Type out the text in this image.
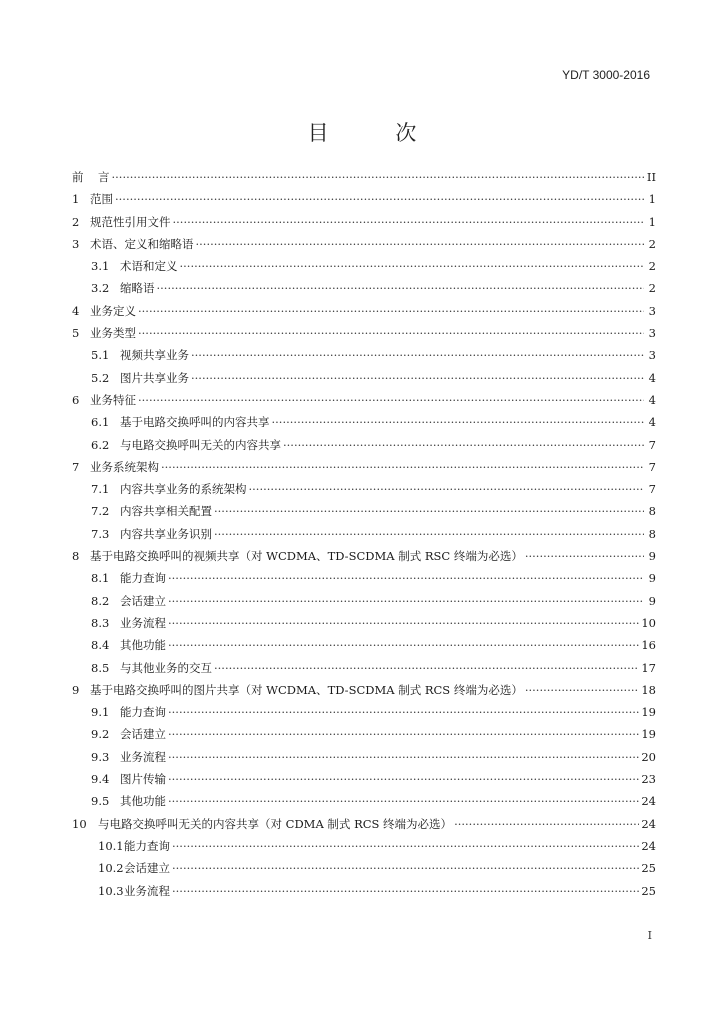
YD/T 3000-2016
目 次
前	言 ·····	II
1 范围 ·····	1
2 规范性引用文件 ·····	1
3 术语、定义和缩略语 ·····	2
3.1 术语和定义 ·····	2
3.2 缩略语 ·····	2
4 业务定义 ·····	3
5 业务类型 ·····	3
5.1 视频共享业务 ·····	3
5.2 图片共享业务 ·····	4
6 业务特征 ·····	4
6.1 基于电路交换呼叫的内容共享 ·····	4
6.2 与电路交换呼叫无关的内容共享 ·····	7
7 业务系统架构 ·····	7
7.1 内容共享业务的系统架构 ·····	7
7.2 内容共享相关配置 ·····	8
7.3 内容共享业务识别 ·····	8
8 基于电路交换呼叫的视频共享（对 WCDMA、TD-SCDMA 制式 RSC 终端为必选） ·····	9
8.1 能力查询 ·····	9
8.2 会话建立 ·····	9
8.3 业务流程 ·····	10
8.4 其他功能 ·····	16
8.5 与其他业务的交互 ·····	17
9 基于电路交换呼叫的图片共享（对 WCDMA、TD-SCDMA 制式 RCS 终端为必选） ·····	18
9.1 能力查询 ·····	19
9.2 会话建立 ·····	19
9.3 业务流程 ·····	20
9.4 图片传输 ·····	23
9.5 其他功能 ·····	24
10 与电路交换呼叫无关的内容共享（对 CDMA 制式 RCS 终端为必选） ·····	24
10.1 能力查询 ·····	24
10.2 会话建立 ·····	25
10.3 业务流程 ·····	25
I
